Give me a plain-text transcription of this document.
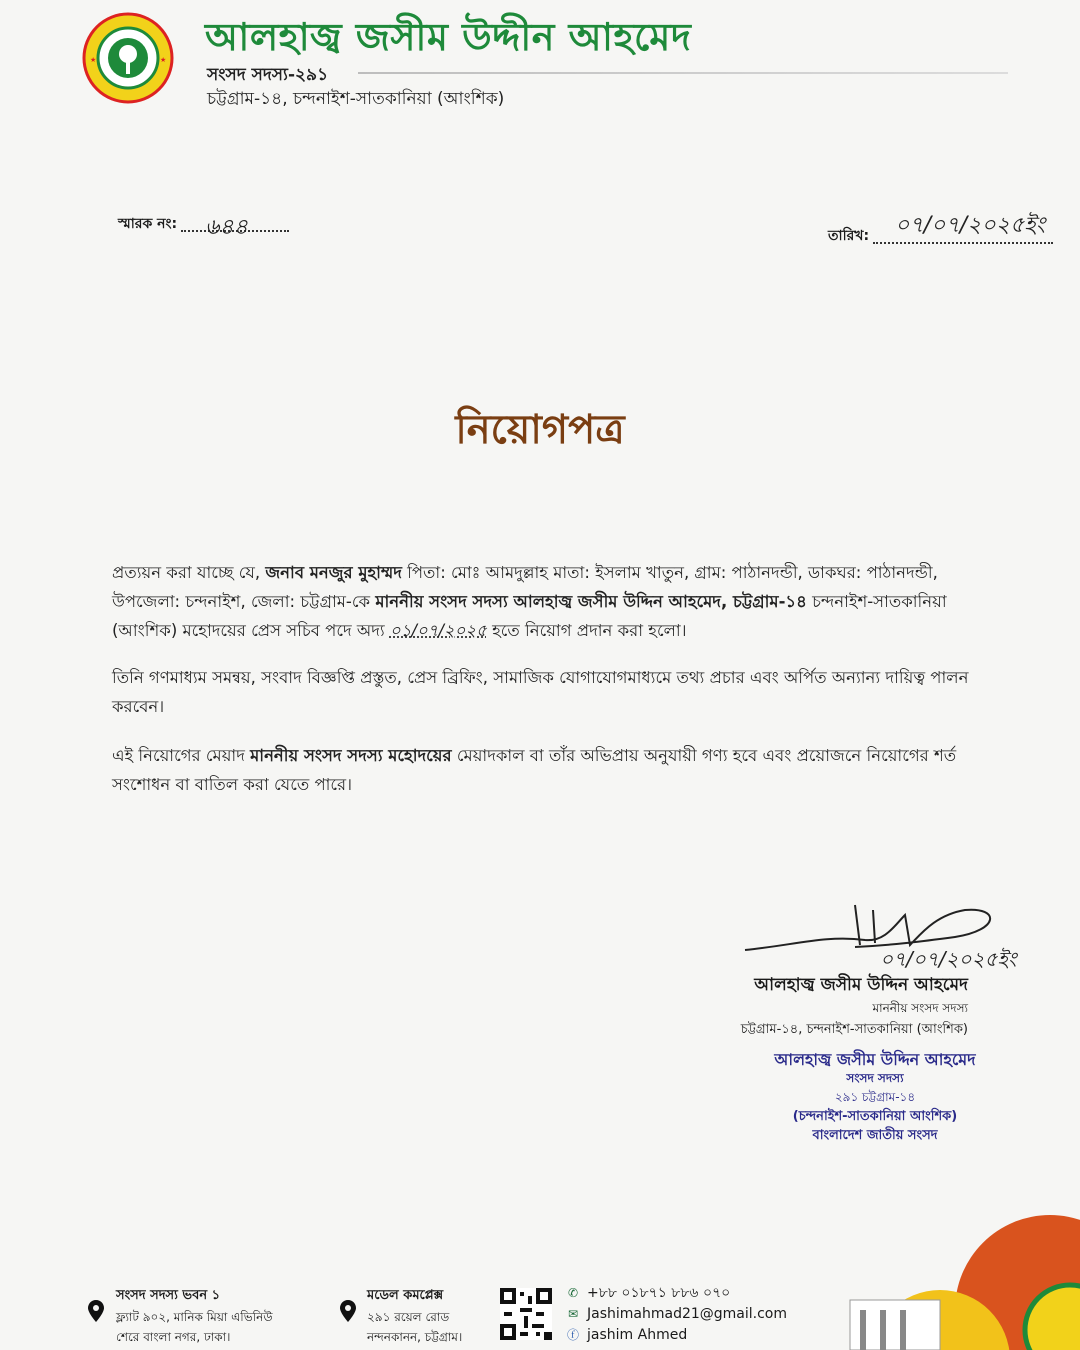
★	★
আলহাজ্ব জসীম উদ্দীন আহমেদ
সংসদ সদস্য-২৯১
চট্টগ্রাম-১৪, চন্দনাইশ-সাতকানিয়া (আংশিক)
স্মারক নং:	৬৪৪	তারিখ:	০৭/০৭/২০২৫ইং
নিয়োগপত্র
প্রত্যয়ন করা যাচ্ছে যে, জনাব মনজুর মুহাম্মদ পিতা: মোঃ আমদুল্লাহ মাতা: ইসলাম খাতুন, গ্রাম: পাঠানদন্ডী, ডাকঘর: পাঠানদন্ডী, উপজেলা: চন্দনাইশ, জেলা: চট্টগ্রাম-কে মাননীয় সংসদ সদস্য আলহাজ্ব জসীম উদ্দিন আহমেদ, চট্টগ্রাম-১৪ চন্দনাইশ-সাতকানিয়া (আংশিক) মহোদয়ের প্রেস সচিব পদে অদ্য ০১/০৭/২০২৫ হতে নিয়োগ প্রদান করা হলো।
তিনি গণমাধ্যম সমন্বয়, সংবাদ বিজ্ঞপ্তি প্রস্তুত, প্রেস ব্রিফিং, সামাজিক যোগাযোগমাধ্যমে তথ্য প্রচার এবং অর্পিত অন্যান্য দায়িত্ব পালন করবেন।
এই নিয়োগের মেয়াদ মাননীয় সংসদ সদস্য মহোদয়ের মেয়াদকাল বা তাঁর অভিপ্রায় অনুযায়ী গণ্য হবে এবং প্রয়োজনে নিয়োগের শর্ত সংশোধন বা বাতিল করা যেতে পারে।
০৭/০৭/২০২৫ইং
আলহাজ্ব জসীম উদ্দিন আহমেদ
মাননীয় সংসদ সদস্য
চট্টগ্রাম-১৪, চন্দনাইশ-সাতকানিয়া (আংশিক)
আলহাজ্ব জসীম উদ্দিন আহমেদ
সংসদ সদস্য
২৯১ চট্টগ্রাম-১৪
(চন্দনাইশ-সাতকানিয়া আংশিক)
বাংলাদেশ জাতীয় সংসদ
সংসদ সদস্য ভবন ১
ফ্ল্যাট ৯০২, মানিক মিয়া এভিনিউ
শেরে বাংলা নগর, ঢাকা।
মডেল কমপ্লেক্স
২৯১ রয়েল রোড
নন্দনকানন, চট্টগ্রাম।
✆ +৮৮ ০১৮৭১ ৮৮৬ ০৭০
✉ Jashimahmad21@gmail.com
ⓕ jashim Ahmed
